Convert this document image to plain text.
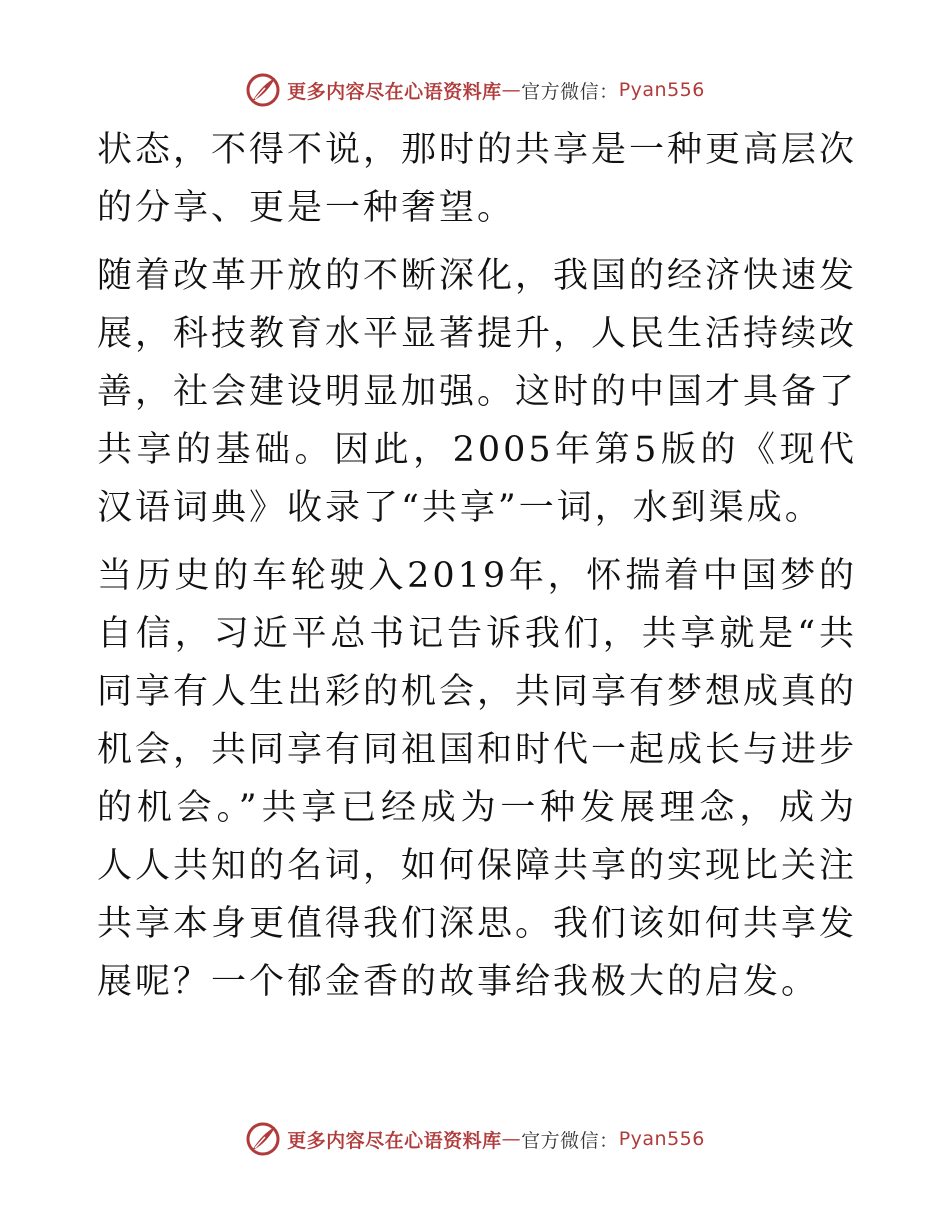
更多内容尽在心语资料库 — 官方微信： Pyan556

状态，不得不说，那时的共享是一种更高层次的分享、更是一种奢望。

随着改革开放的不断深化，我国的经济快速发展，科技教育水平显著提升，人民生活持续改善，社会建设明显加强。这时的中国才具备了共享的基础。因此，2005年第5版的《现代汉语词典》收录了“共享”一词，水到渠成。

当历史的车轮驶入2019年，怀揣着中国梦的自信，习近平总书记告诉我们，共享就是“共同享有人生出彩的机会，共同享有梦想成真的机会，共同享有同祖国和时代一起成长与进步的机会。”共享已经成为一种发展理念，成为人人共知的名词，如何保障共享的实现比关注共享本身更值得我们深思。我们该如何共享发展呢？一个郁金香的故事给我极大的启发。

更多内容尽在心语资料库 — 官方微信： Pyan556
